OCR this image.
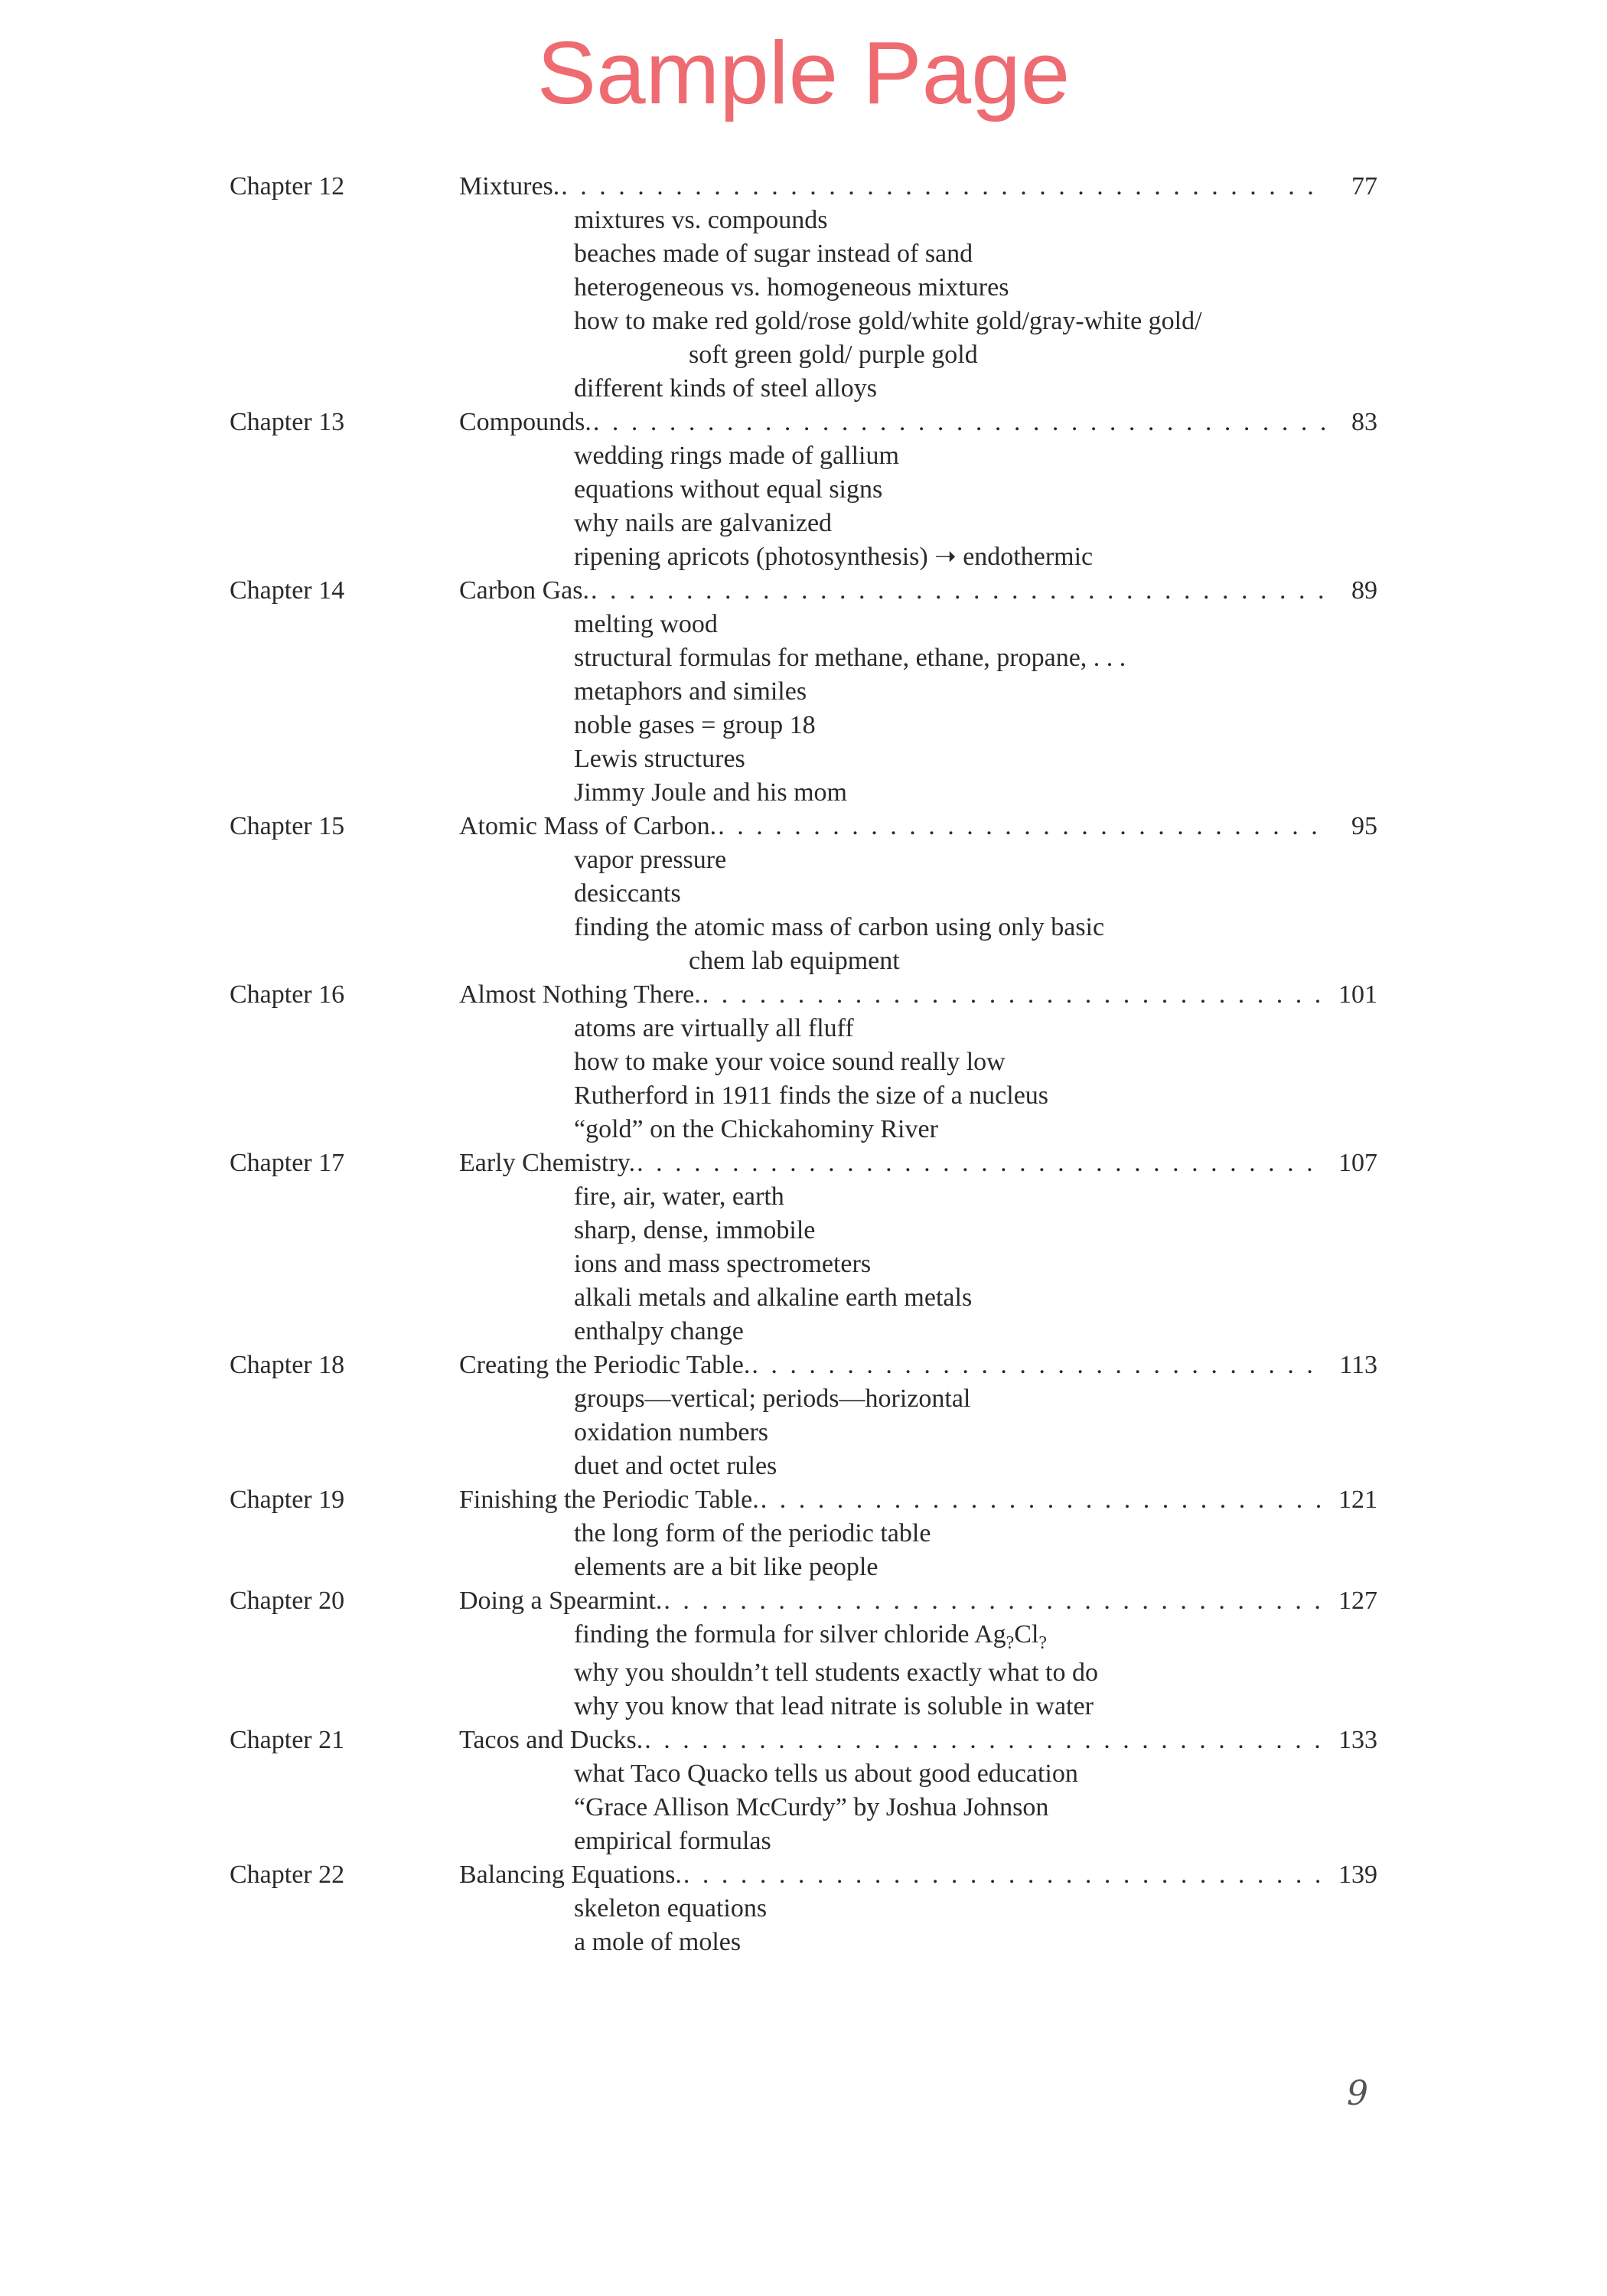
Sample Page
Chapter 12	Mixtures. . . .	77
mixtures vs. compounds
beaches made of sugar instead of sand
heterogeneous vs. homogeneous mixtures
how to make red gold/rose gold/white gold/gray-white gold/
soft green gold/ purple gold
different kinds of steel alloys
Chapter 13	Compounds. . . .	83
wedding rings made of gallium
equations without equal signs
why nails are galvanized
ripening apricots (photosynthesis) ➝ endothermic
Chapter 14	Carbon Gas. . . .	89
melting wood
structural formulas for methane, ethane, propane, . . .
metaphors and similes
noble gases = group 18
Lewis structures
Jimmy Joule and his mom
Chapter 15	Atomic Mass of Carbon. . . .	95
vapor pressure
desiccants
finding the atomic mass of carbon using only basic
chem lab equipment
Chapter 16	Almost Nothing There. . . .	101
atoms are virtually all fluff
how to make your voice sound really low
Rutherford in 1911 finds the size of a nucleus
“gold” on the Chickahominy River
Chapter 17	Early Chemistry. . . .	107
fire, air, water, earth
sharp, dense, immobile
ions and mass spectrometers
alkali metals and alkaline earth metals
enthalpy change
Chapter 18	Creating the Periodic Table. . . .	113
groups—vertical; periods—horizontal
oxidation numbers
duet and octet rules
Chapter 19	Finishing the Periodic Table. . . .	121
the long form of the periodic table
elements are a bit like people
Chapter 20	Doing a Spearmint. . . .	127
finding the formula for silver chloride $Ag_?Cl_?$
why you shouldn’t tell students exactly what to do
why you know that lead nitrate is soluble in water
Chapter 21	Tacos and Ducks. . . .	133
what Taco Quacko tells us about good education
“Grace Allison McCurdy” by Joshua Johnson
empirical formulas
Chapter 22	Balancing Equations. . . .	139
skeleton equations
a mole of moles
9
